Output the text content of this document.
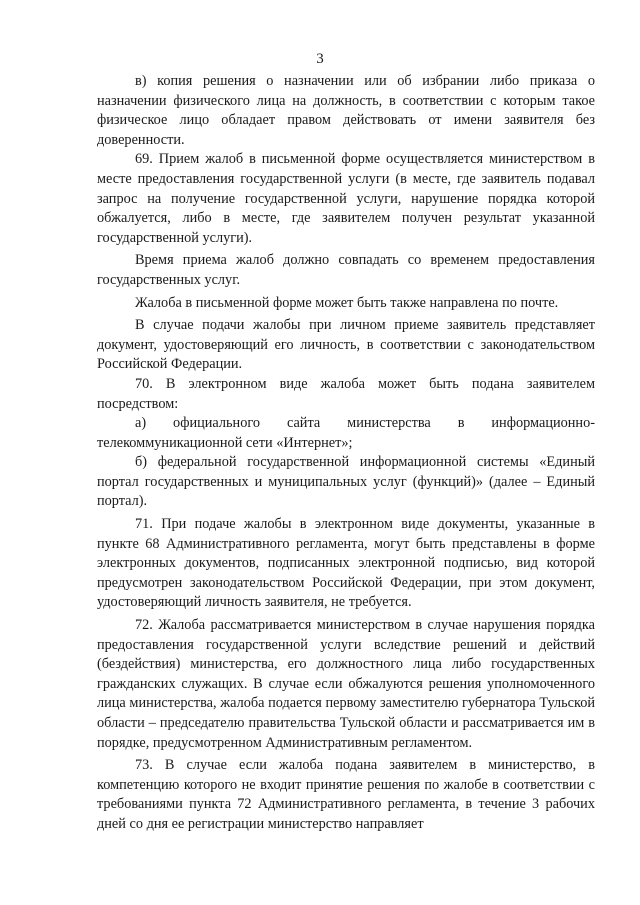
3

в) копия решения о назначении или об избрании либо приказа о назначении физического лица на должность, в соответствии с которым такое физическое лицо обладает правом действовать от имени заявителя без доверенности.

69. Прием жалоб в письменной форме осуществляется министерством в месте предоставления государственной услуги (в месте, где заявитель подавал запрос на получение государственной услуги, нарушение порядка которой обжалуется, либо в месте, где заявителем получен результат указанной государственной услуги).

Время приема жалоб должно совпадать со временем предоставления государственных услуг.

Жалоба в письменной форме может быть также направлена по почте.

В случае подачи жалобы при личном приеме заявитель представляет документ, удостоверяющий его личность, в соответствии с законодательством Российской Федерации.

70. В электронном виде жалоба может быть подана заявителем посредством:

а) официального сайта министерства в информационно-телекоммуникационной сети «Интернет»;

б) федеральной государственной информационной системы «Единый портал государственных и муниципальных услуг (функций)» (далее – Единый портал).

71. При подаче жалобы в электронном виде документы, указанные в пункте 68 Административного регламента, могут быть представлены в форме электронных документов, подписанных электронной подписью, вид которой предусмотрен законодательством Российской Федерации, при этом документ, удостоверяющий личность заявителя, не требуется.

72. Жалоба рассматривается министерством в случае нарушения порядка предоставления государственной услуги вследствие решений и действий (бездействия) министерства, его должностного лица либо государственных гражданских служащих. В случае если обжалуются решения уполномоченного лица министерства, жалоба подается первому заместителю губернатора Тульской области – председателю правительства Тульской области и рассматривается им в порядке, предусмотренном Административным регламентом.

73. В случае если жалоба подана заявителем в министерство, в компетенцию которого не входит принятие решения по жалобе в соответствии с требованиями пункта 72 Административного регламента, в течение 3 рабочих дней со дня ее регистрации министерство направляет
